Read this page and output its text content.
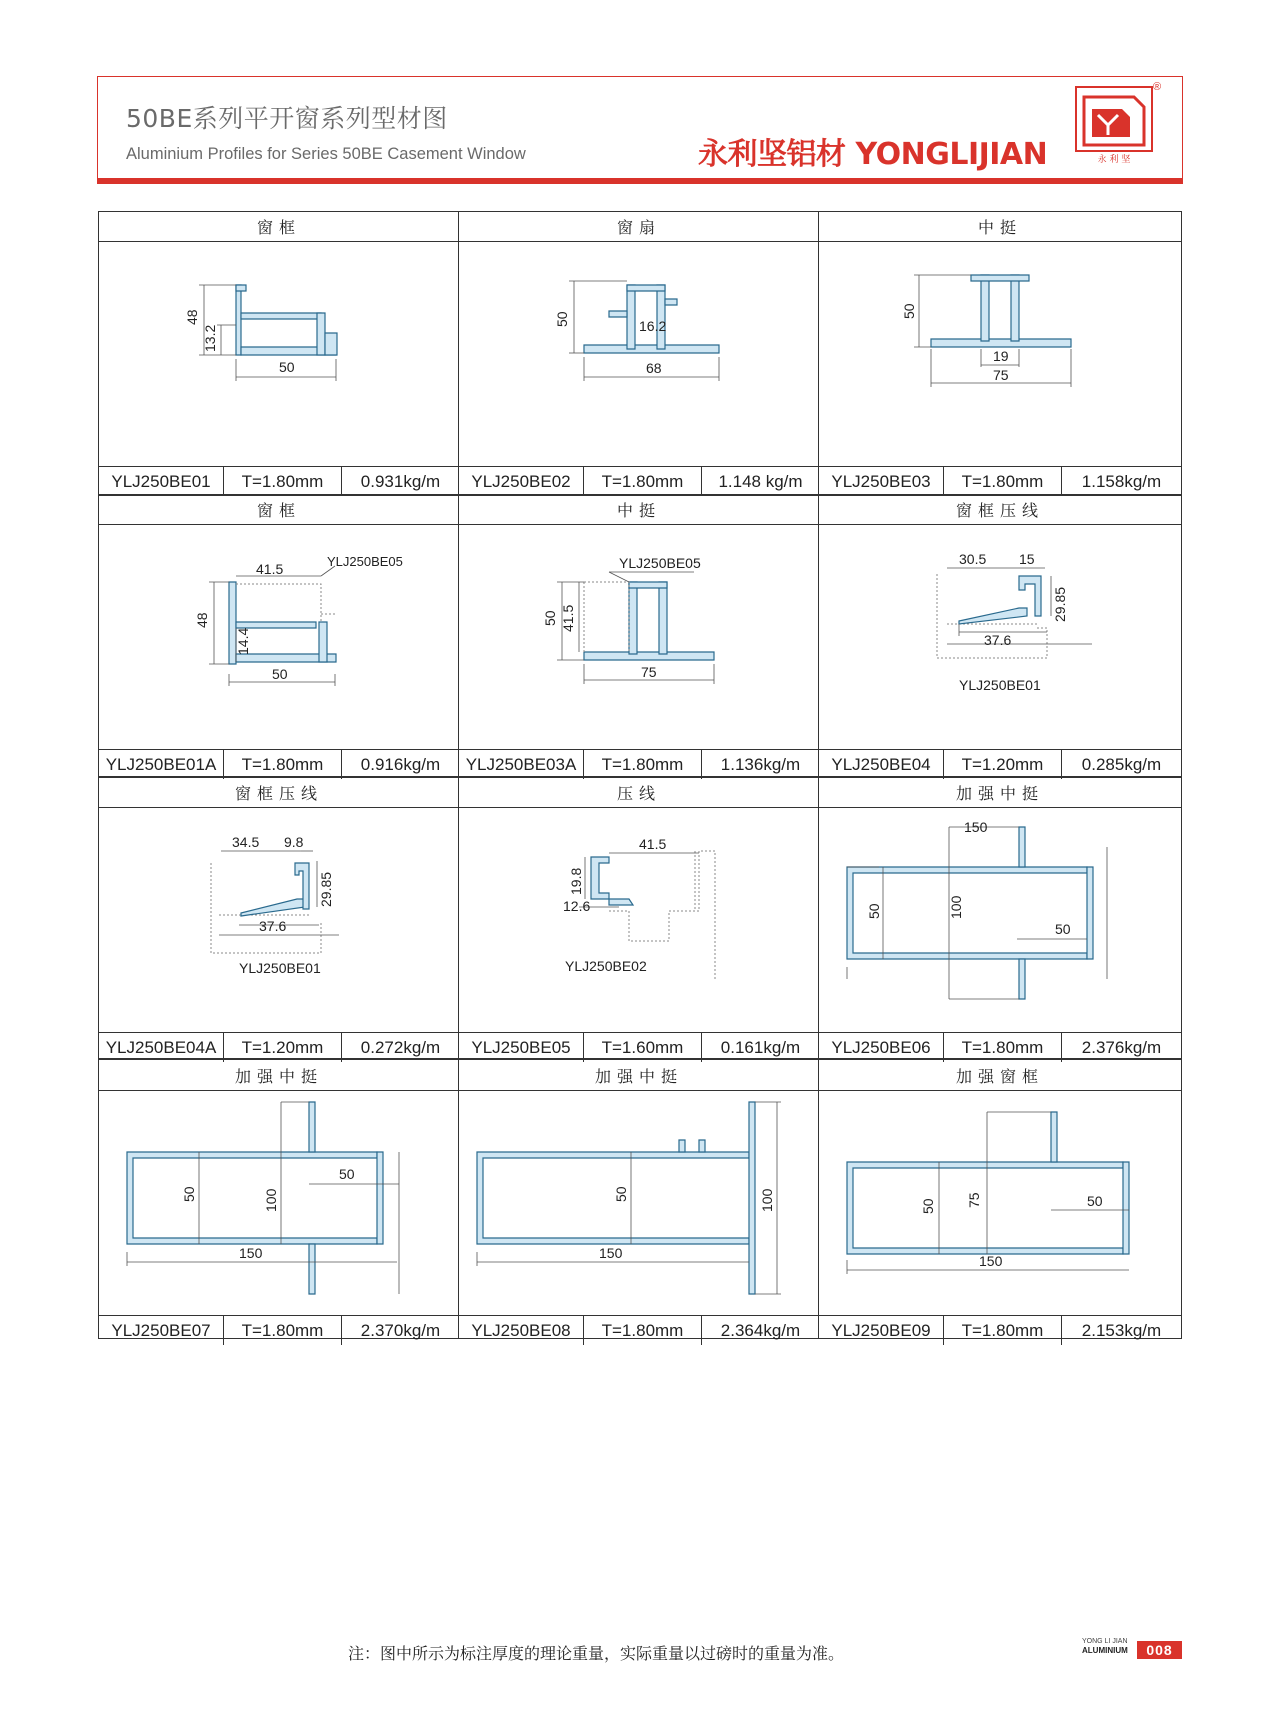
50BE系列平开窗系列型材图
Aluminium Profiles for Series 50BE Casement Window	永利坚铝材 YONGLIJIAN	永 利 坚
®
窗框
48
13.2
50
YLJ250BE01	T=1.80mm	0.931kg/m
窗扇
50	16.2
68
YLJ250BE02	T=1.80mm	1.148 kg/m
中挺
50
19
75
YLJ250BE03	T=1.80mm	1.158kg/m
窗框
41.5	YLJ250BE05
48
14.4
50
YLJ250BE01A	T=1.80mm	0.916kg/m
中挺
YLJ250BE05
50 41.5
75
YLJ250BE03A	T=1.80mm	1.136kg/m
窗框压线
30.5 15
29.85
37.6
YLJ250BE01
YLJ250BE04	T=1.20mm	0.285kg/m
窗框压线
34.5 9.8
29.85
37.6
YLJ250BE01
YLJ250BE04A	T=1.20mm	0.272kg/m
压线
41.5
19.8
12.6
YLJ250BE02
YLJ250BE05	T=1.60mm	0.161kg/m
加强中挺
150
50	100
50
YLJ250BE06	T=1.80mm	2.376kg/m
加强中挺
50	100
50
150
YLJ250BE07	T=1.80mm	2.370kg/m
加强中挺
50	100
150
YLJ250BE08	T=1.80mm	2.364kg/m
加强窗框
75
50	50
150
YLJ250BE09	T=1.80mm	2.153kg/m
注：图中所示为标注厚度的理论重量，实际重量以过磅时的重量为准。
YONG LI JIAN
ALUMINIUM	008
